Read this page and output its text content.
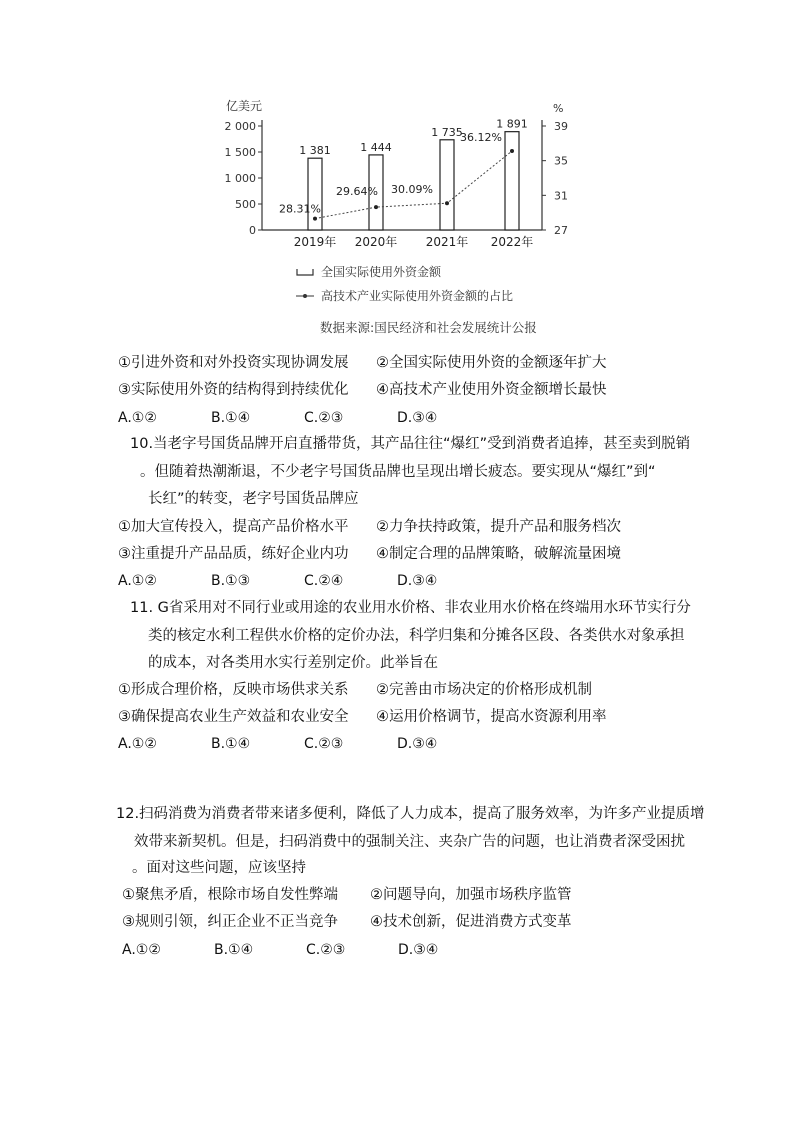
亿美元	%
2 000
1 500
1 000
500
0
39
35
31
27
1 381	1 444
1 735
1 891
28.31%
29.64% 30.09%
36.12%
2019年 2020年 2021年 2022年
全国实际使用外资金额
高技术产业实际使用外资金额的占比
数据来源:国民经济和社会发展统计公报
①引进外资和对外投资实现协调发展 ②全国实际使用外资的金额逐年扩大
③实际使用外资的结构得到持续优化 ④高技术产业使用外资金额增长最快
A.①②	B.①④	C.②③	D.③④
10.当老字号国货品牌开启直播带货，其产品往往“爆红”受到消费者追捧，甚至卖到脱销
。但随着热潮渐退，不少老字号国货品牌也呈现出增长疲态。要实现从“爆红”到“
长红”的转变，老字号国货品牌应
①加大宣传投入，提高产品价格水平 ②力争扶持政策，提升产品和服务档次
③注重提升产品品质，练好企业内功 ④制定合理的品牌策略，破解流量困境
A.①②	B.①③	C.②④	D.③④
11. G省采用对不同行业或用途的农业用水价格、非农业用水价格在终端用水环节实行分
类的核定水利工程供水价格的定价办法，科学归集和分摊各区段、各类供水对象承担
的成本，对各类用水实行差别定价。此举旨在
①形成合理价格，反映市场供求关系 ②完善由市场决定的价格形成机制
③确保提高农业生产效益和农业安全 ④运用价格调节，提高水资源利用率
A.①②	B.①④	C.②③	D.③④
12.扫码消费为消费者带来诸多便利，降低了人力成本，提高了服务效率，为许多产业提质增
效带来新契机。但是，扫码消费中的强制关注、夹杂广告的问题，也让消费者深受困扰
。面对这些问题，应该坚持
①聚焦矛盾，根除市场自发性弊端 ②问题导向，加强市场秩序监管
③规则引领，纠正企业不正当竞争 ④技术创新，促进消费方式变革
A.①②	B.①④	C.②③	D.③④
